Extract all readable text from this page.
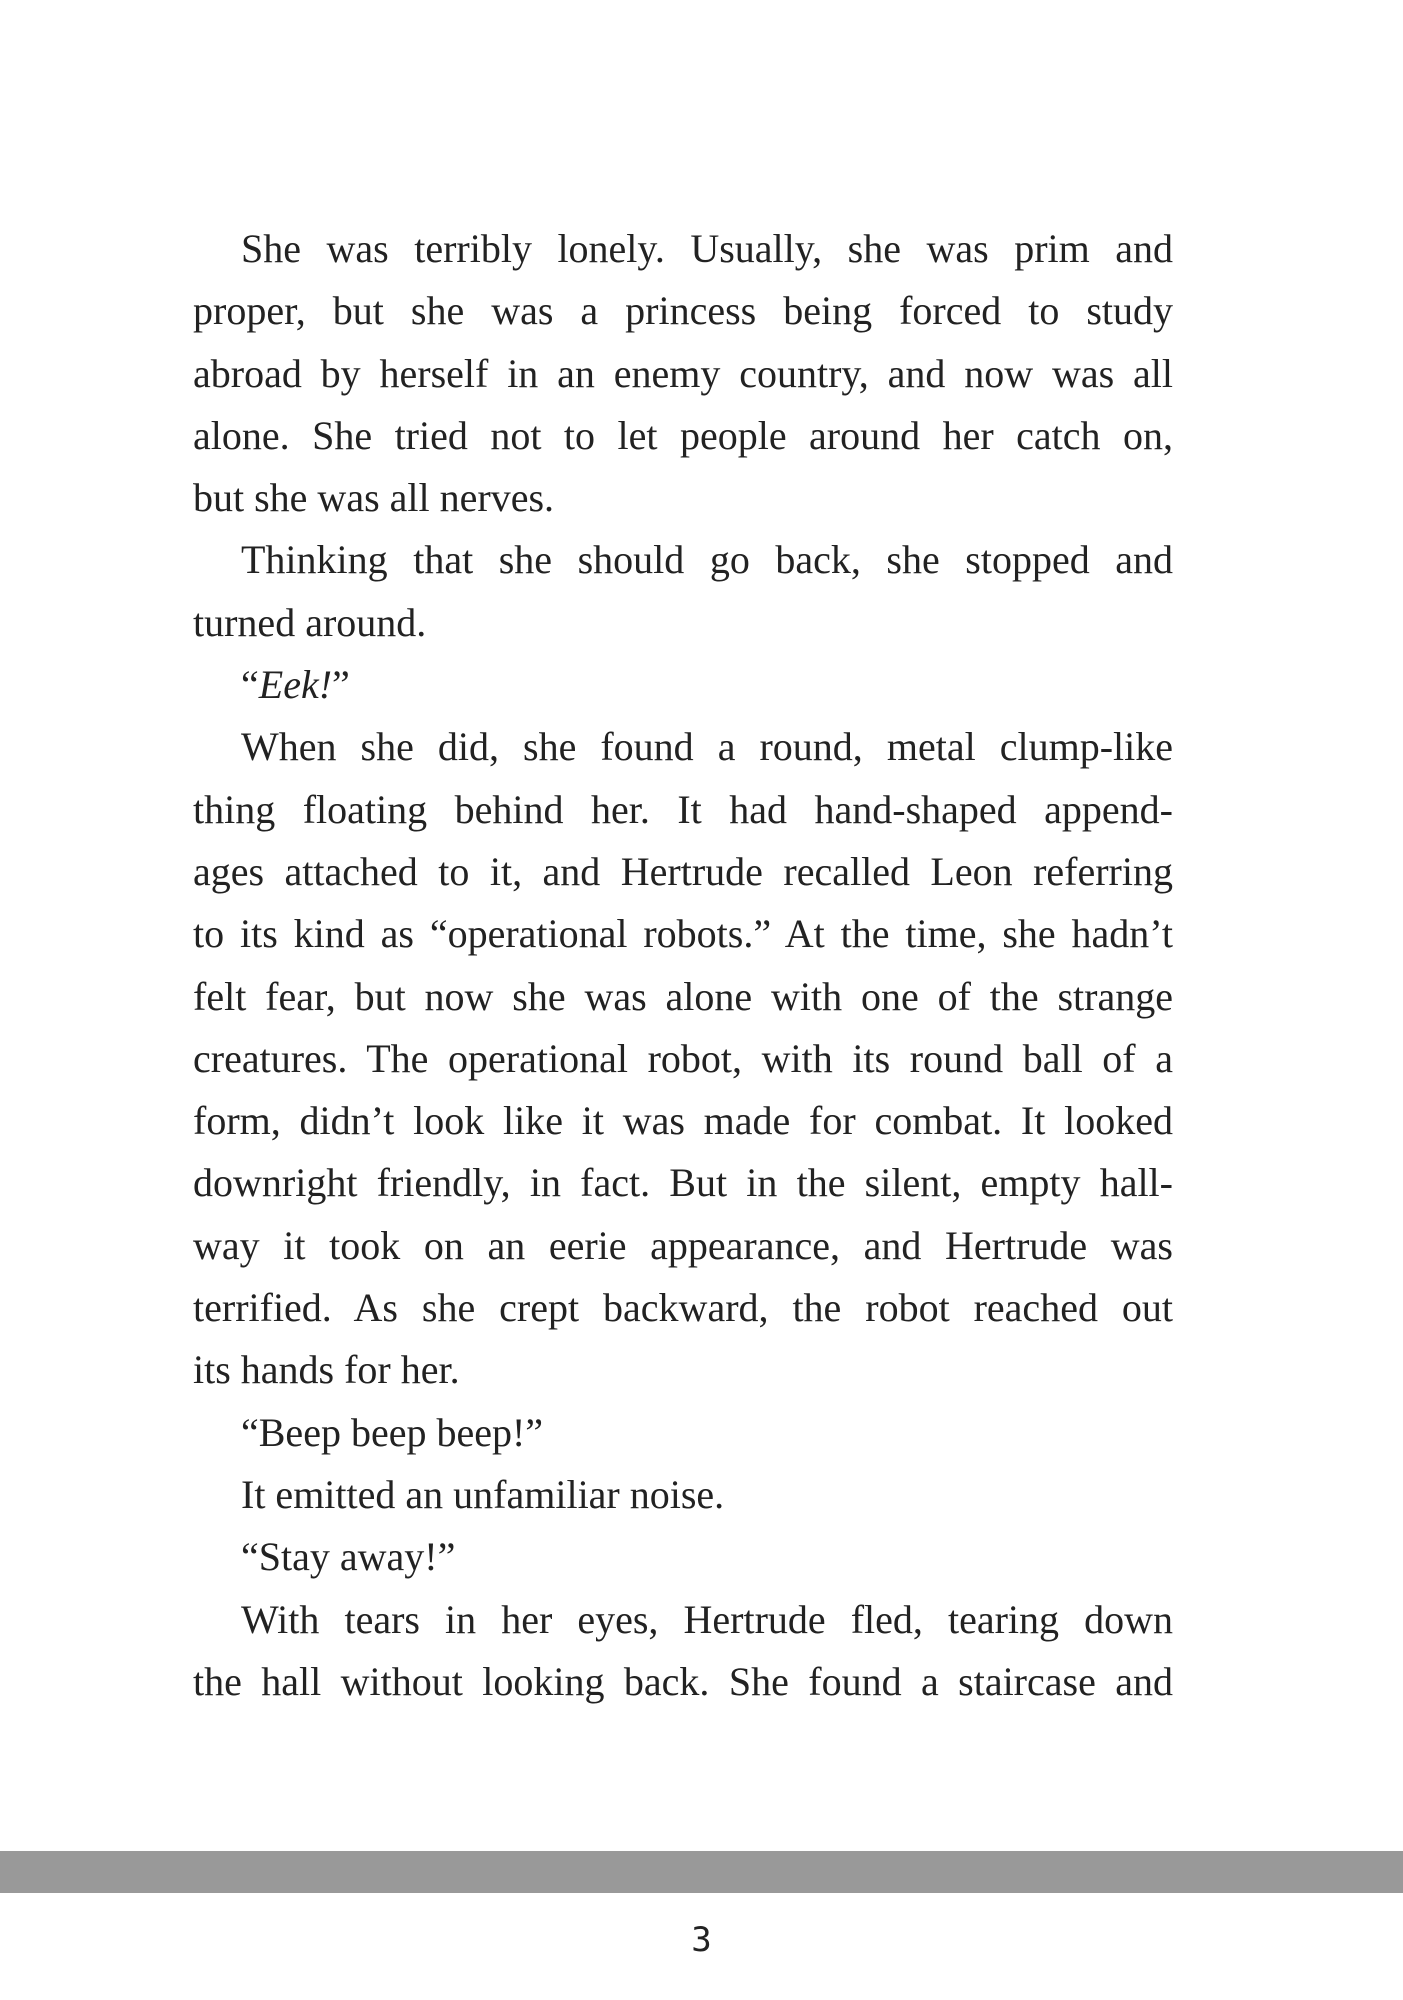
She was terribly lonely. Usually, she was prim and
proper, but she was a princess being forced to study
abroad by herself in an enemy country, and now was all
alone. She tried not to let people around her catch on,
but she was all nerves.
Thinking that she should go back, she stopped and
turned around.
“Eek!”
When she did, she found a round, metal clump-like
thing floating behind her. It had hand-shaped append-
ages attached to it, and Hertrude recalled Leon referring
to its kind as “operational robots.” At the time, she hadn’t
felt fear, but now she was alone with one of the strange
creatures. The operational robot, with its round ball of a
form, didn’t look like it was made for combat. It looked
downright friendly, in fact. But in the silent, empty hall-
way it took on an eerie appearance, and Hertrude was
terrified. As she crept backward, the robot reached out
its hands for her.
“Beep beep beep!”
It emitted an unfamiliar noise.
“Stay away!”
With tears in her eyes, Hertrude fled, tearing down
the hall without looking back. She found a staircase and
3
